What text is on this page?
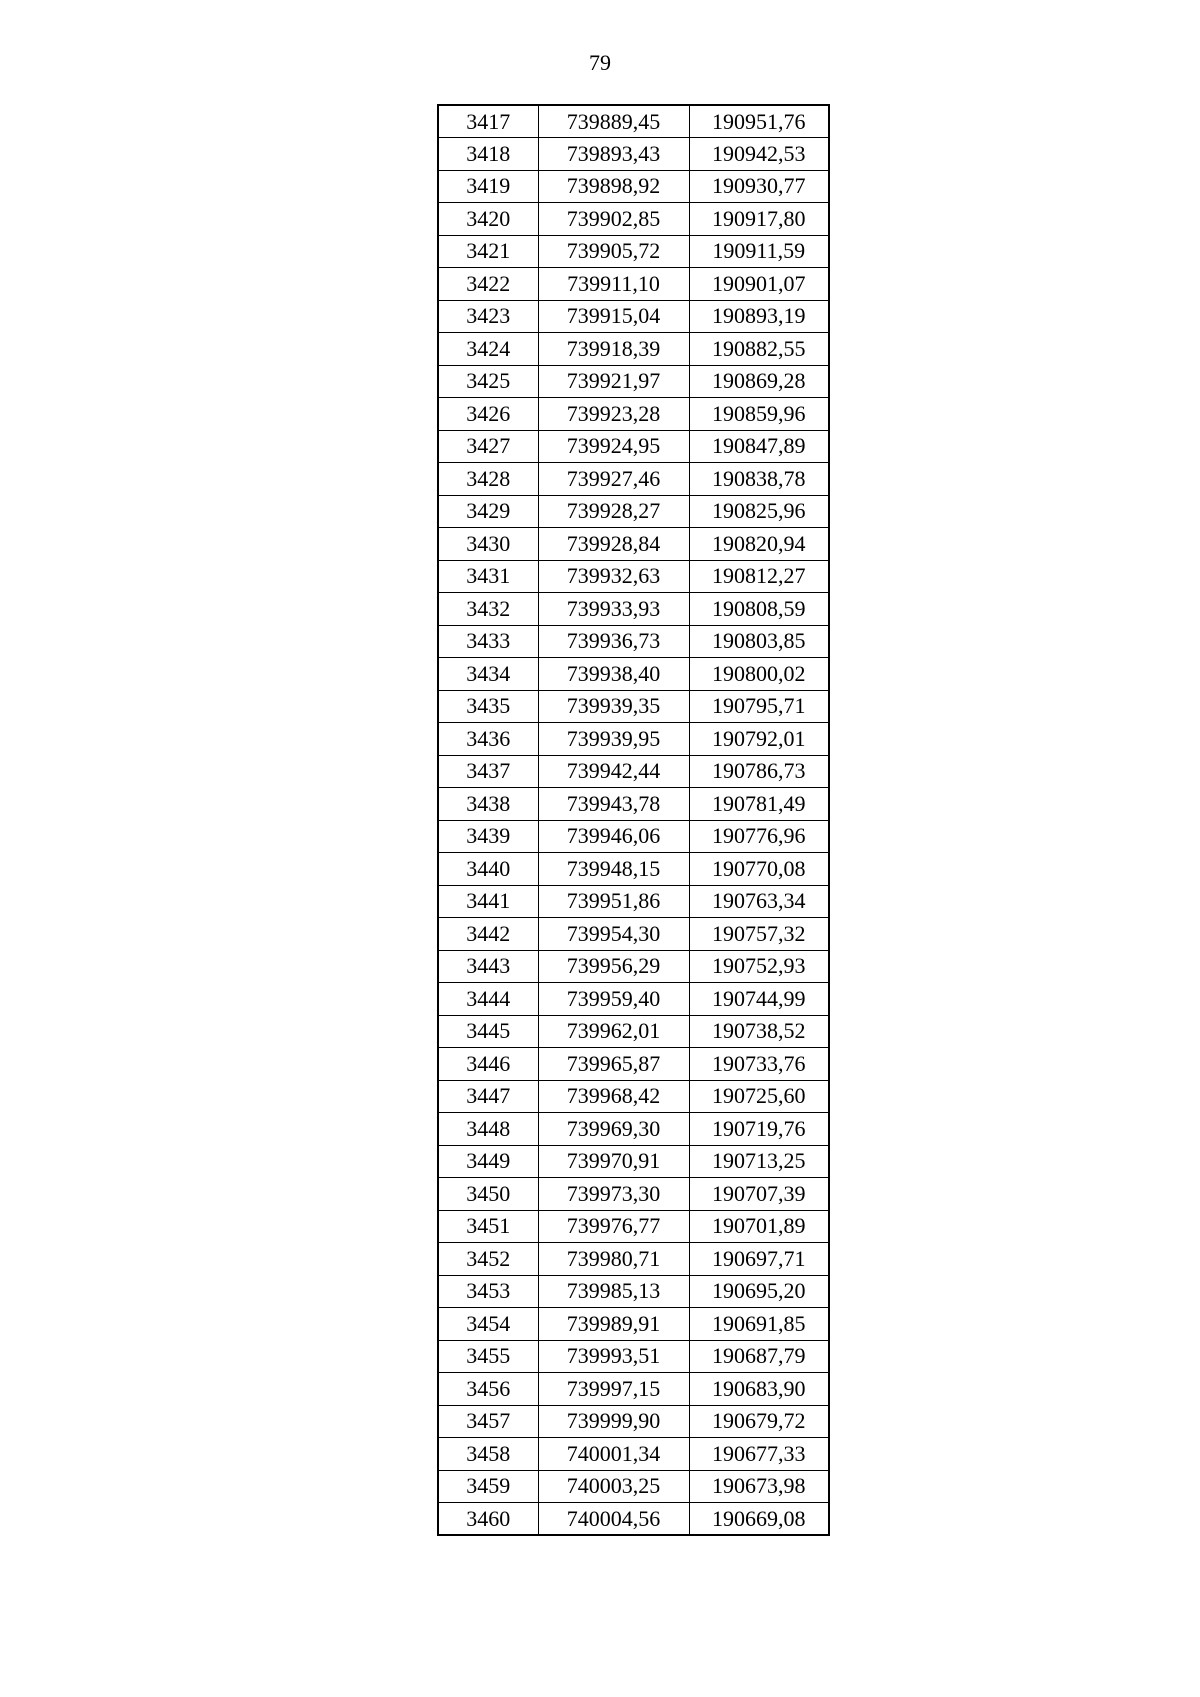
79
3417	739889,45	190951,76
3418	739893,43	190942,53
3419	739898,92	190930,77
3420	739902,85	190917,80
3421	739905,72	190911,59
3422	739911,10	190901,07
3423	739915,04	190893,19
3424	739918,39	190882,55
3425	739921,97	190869,28
3426	739923,28	190859,96
3427	739924,95	190847,89
3428	739927,46	190838,78
3429	739928,27	190825,96
3430	739928,84	190820,94
3431	739932,63	190812,27
3432	739933,93	190808,59
3433	739936,73	190803,85
3434	739938,40	190800,02
3435	739939,35	190795,71
3436	739939,95	190792,01
3437	739942,44	190786,73
3438	739943,78	190781,49
3439	739946,06	190776,96
3440	739948,15	190770,08
3441	739951,86	190763,34
3442	739954,30	190757,32
3443	739956,29	190752,93
3444	739959,40	190744,99
3445	739962,01	190738,52
3446	739965,87	190733,76
3447	739968,42	190725,60
3448	739969,30	190719,76
3449	739970,91	190713,25
3450	739973,30	190707,39
3451	739976,77	190701,89
3452	739980,71	190697,71
3453	739985,13	190695,20
3454	739989,91	190691,85
3455	739993,51	190687,79
3456	739997,15	190683,90
3457	739999,90	190679,72
3458	740001,34	190677,33
3459	740003,25	190673,98
3460	740004,56	190669,08
